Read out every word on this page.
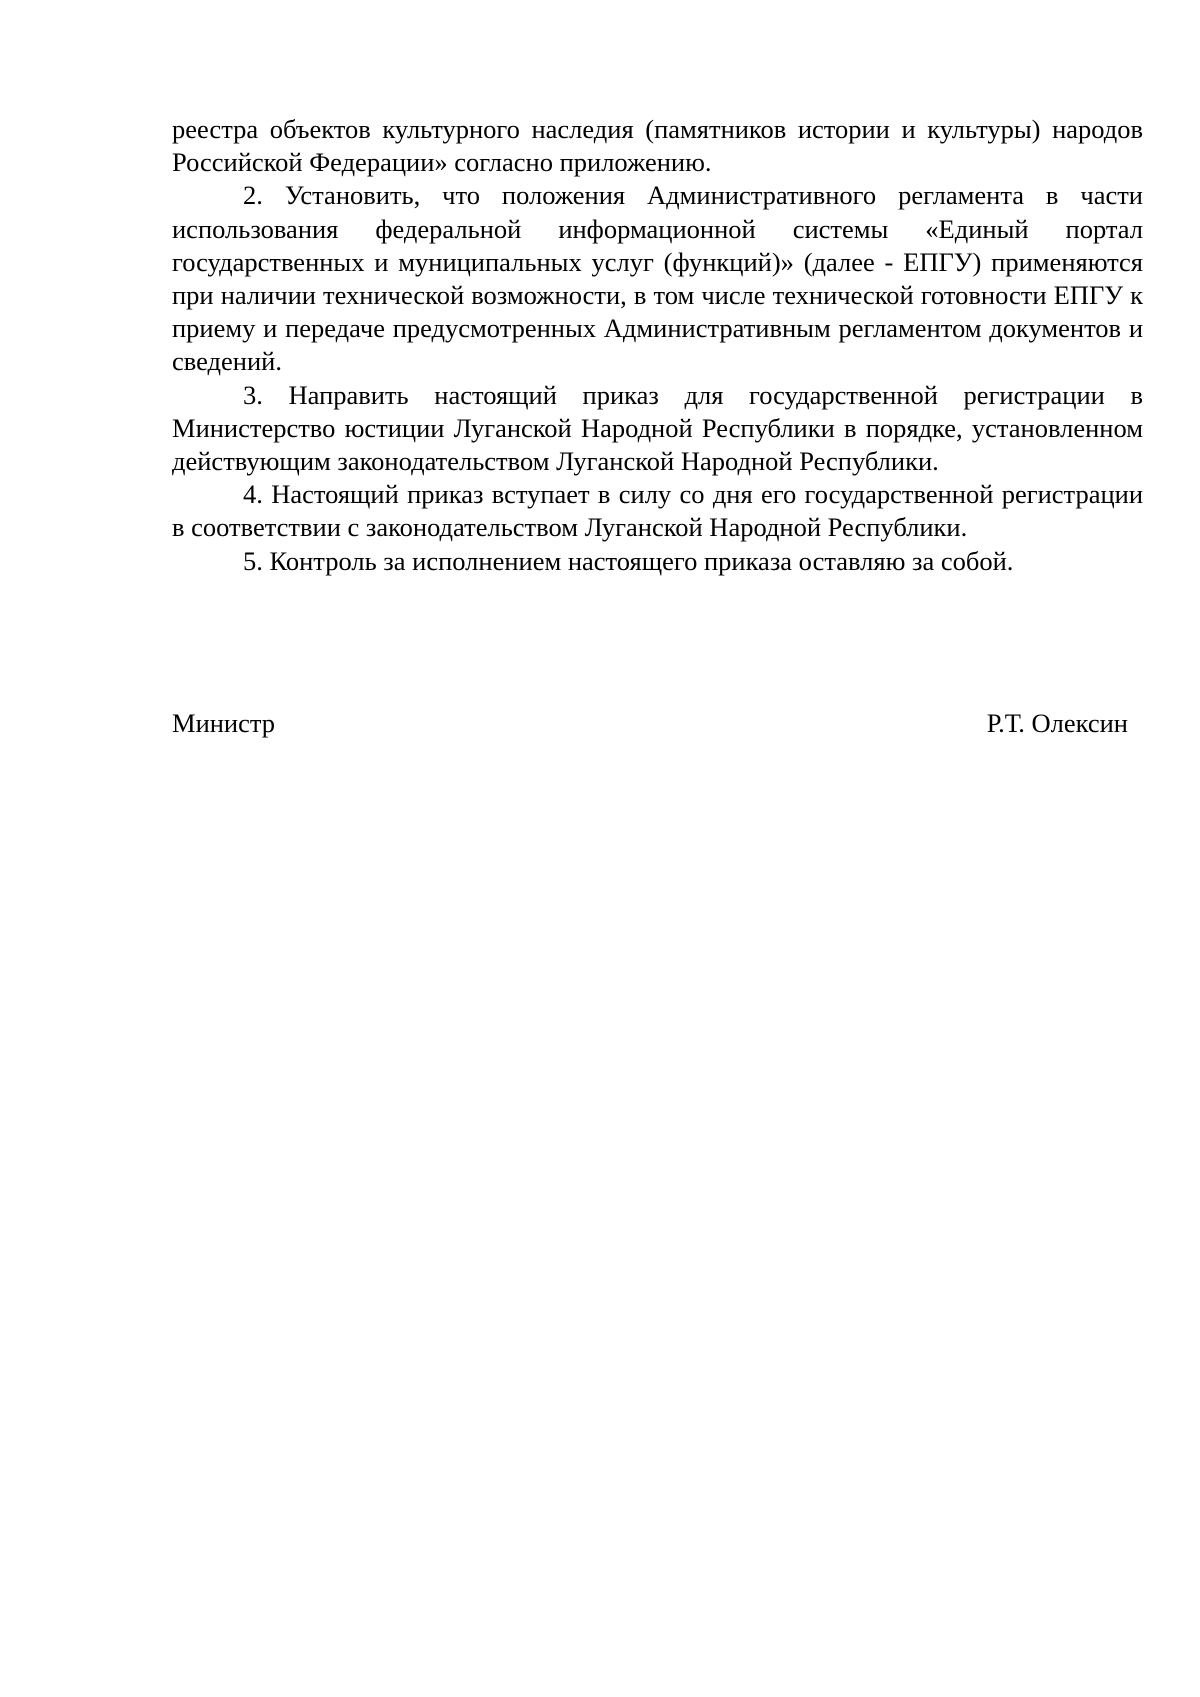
реестра объектов культурного наследия (памятников истории и культуры) народов Российской Федерации» согласно приложению.

2. Установить, что положения Административного регламента в части использования федеральной информационной системы «Единый портал государственных и муниципальных услуг (функций)» (далее - ЕПГУ) применяются при наличии технической возможности, в том числе технической готовности ЕПГУ к приему и передаче предусмотренных Административным регламентом документов и сведений.

3. Направить настоящий приказ для государственной регистрации в Министерство юстиции Луганской Народной Республики в порядке, установленном действующим законодательством Луганской Народной Республики.

4. Настоящий приказ вступает в силу со дня его государственной регистрации в соответствии с законодательством Луганской Народной Республики.

5. Контроль за исполнением настоящего приказа оставляю за собой.

Министр	Р.Т. Олексин
